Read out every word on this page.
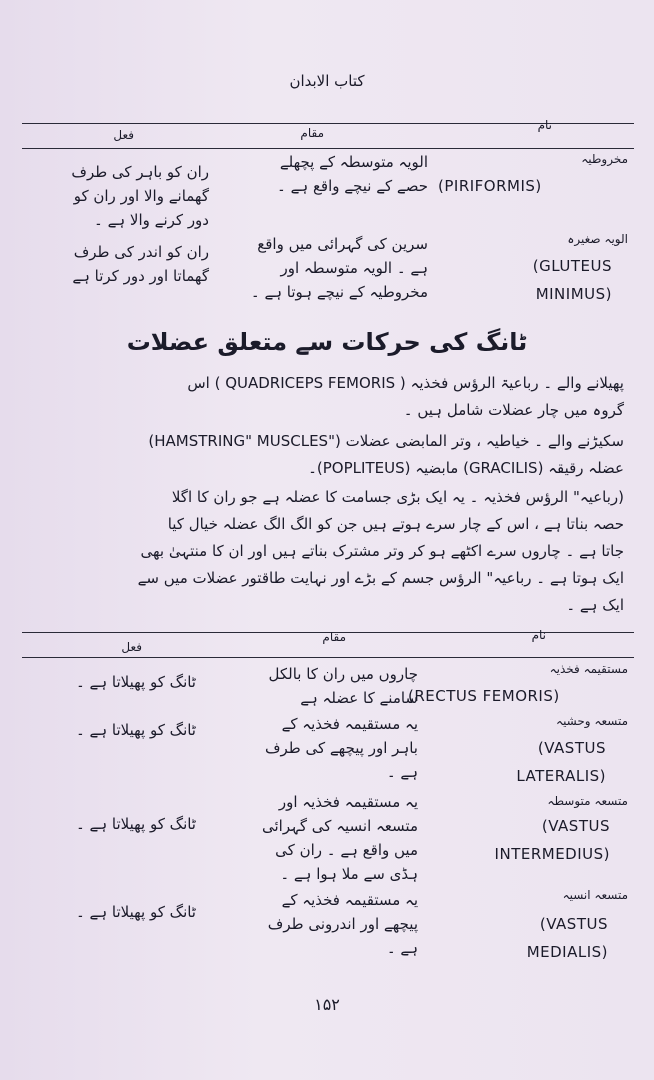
کتاب الابدان
نام
مقام
فعل
مخروطیہ
(PIRIFORMIS)
الویہ متوسطہ کے پچھلے
حصے کے نیچے واقع ہے ۔
ران کو باہر کی طرف
گھمانے والا اور ران کو
دور کرنے والا ہے ۔
الویہ صغیرہ
(GLUTEUS
MINIMUS)
سرین کی گہرائی میں واقع
ہے ۔ الویہ متوسطہ اور
مخروطیہ کے نیچے ہوتا ہے ۔
ران کو اندر کی طرف
گھماتا اور دور کرتا ہے
ٹانگ کی حرکات سے متعلق عضلات
پھیلانے والے ۔ رباعیۃ الرؤس فخذیہ ( QUADRICEPS FEMORIS ) اس
گروہ میں چار عضلات شامل ہیں ۔
سکیڑنے والے ۔ خیاطیہ ، وتر المابضی عضلات ("HAMSTRING" MUSCLES)
عضلہ رقیقہ (GRACILIS) مابضیہ (POPLITEUS)۔
(رباعیہ" الرؤس فخذیہ ۔ یہ ایک بڑی جسامت کا عضلہ ہے جو ران کا اگلا
حصہ بناتا ہے ، اس کے چار سرے ہوتے ہیں جن کو الگ الگ عضلہ خیال کیا
جاتا ہے ۔ چاروں سرے اکٹھے ہو کر وتر مشترک بناتے ہیں اور ان کا منتہیٰ بھی
ایک ہوتا ہے ۔ رباعیہ" الرؤس جسم کے بڑے اور نہایت طاقتور عضلات میں سے
ایک ہے ۔
نام
مقام
فعل
مستقیمہ فخذیہ
(RECTUS FEMORIS)
چاروں میں ران کا بالکل
سامنے کا عضلہ ہے
ٹانگ کو پھیلاتا ہے ۔
متسعہ وحشیہ
(VASTUS
LATERALIS)
یہ مستقیمہ فخذیہ کے
باہر اور پیچھے کی طرف
ہے ۔
ٹانگ کو پھیلاتا ہے ۔
متسعہ متوسطہ
(VASTUS
INTERMEDIUS)
یہ مستقیمہ فخذیہ اور
متسعہ انسیہ کی گہرائی
میں واقع ہے ۔ ران کی
ہڈی سے ملا ہوا ہے ۔
ٹانگ کو پھیلاتا ہے ۔
متسعہ انسیہ
(VASTUS
MEDIALIS)
یہ مستقیمہ فخذیہ کے
پیچھے اور اندرونی طرف
ہے ۔
ٹانگ کو پھیلاتا ہے ۔
۱۵۲
